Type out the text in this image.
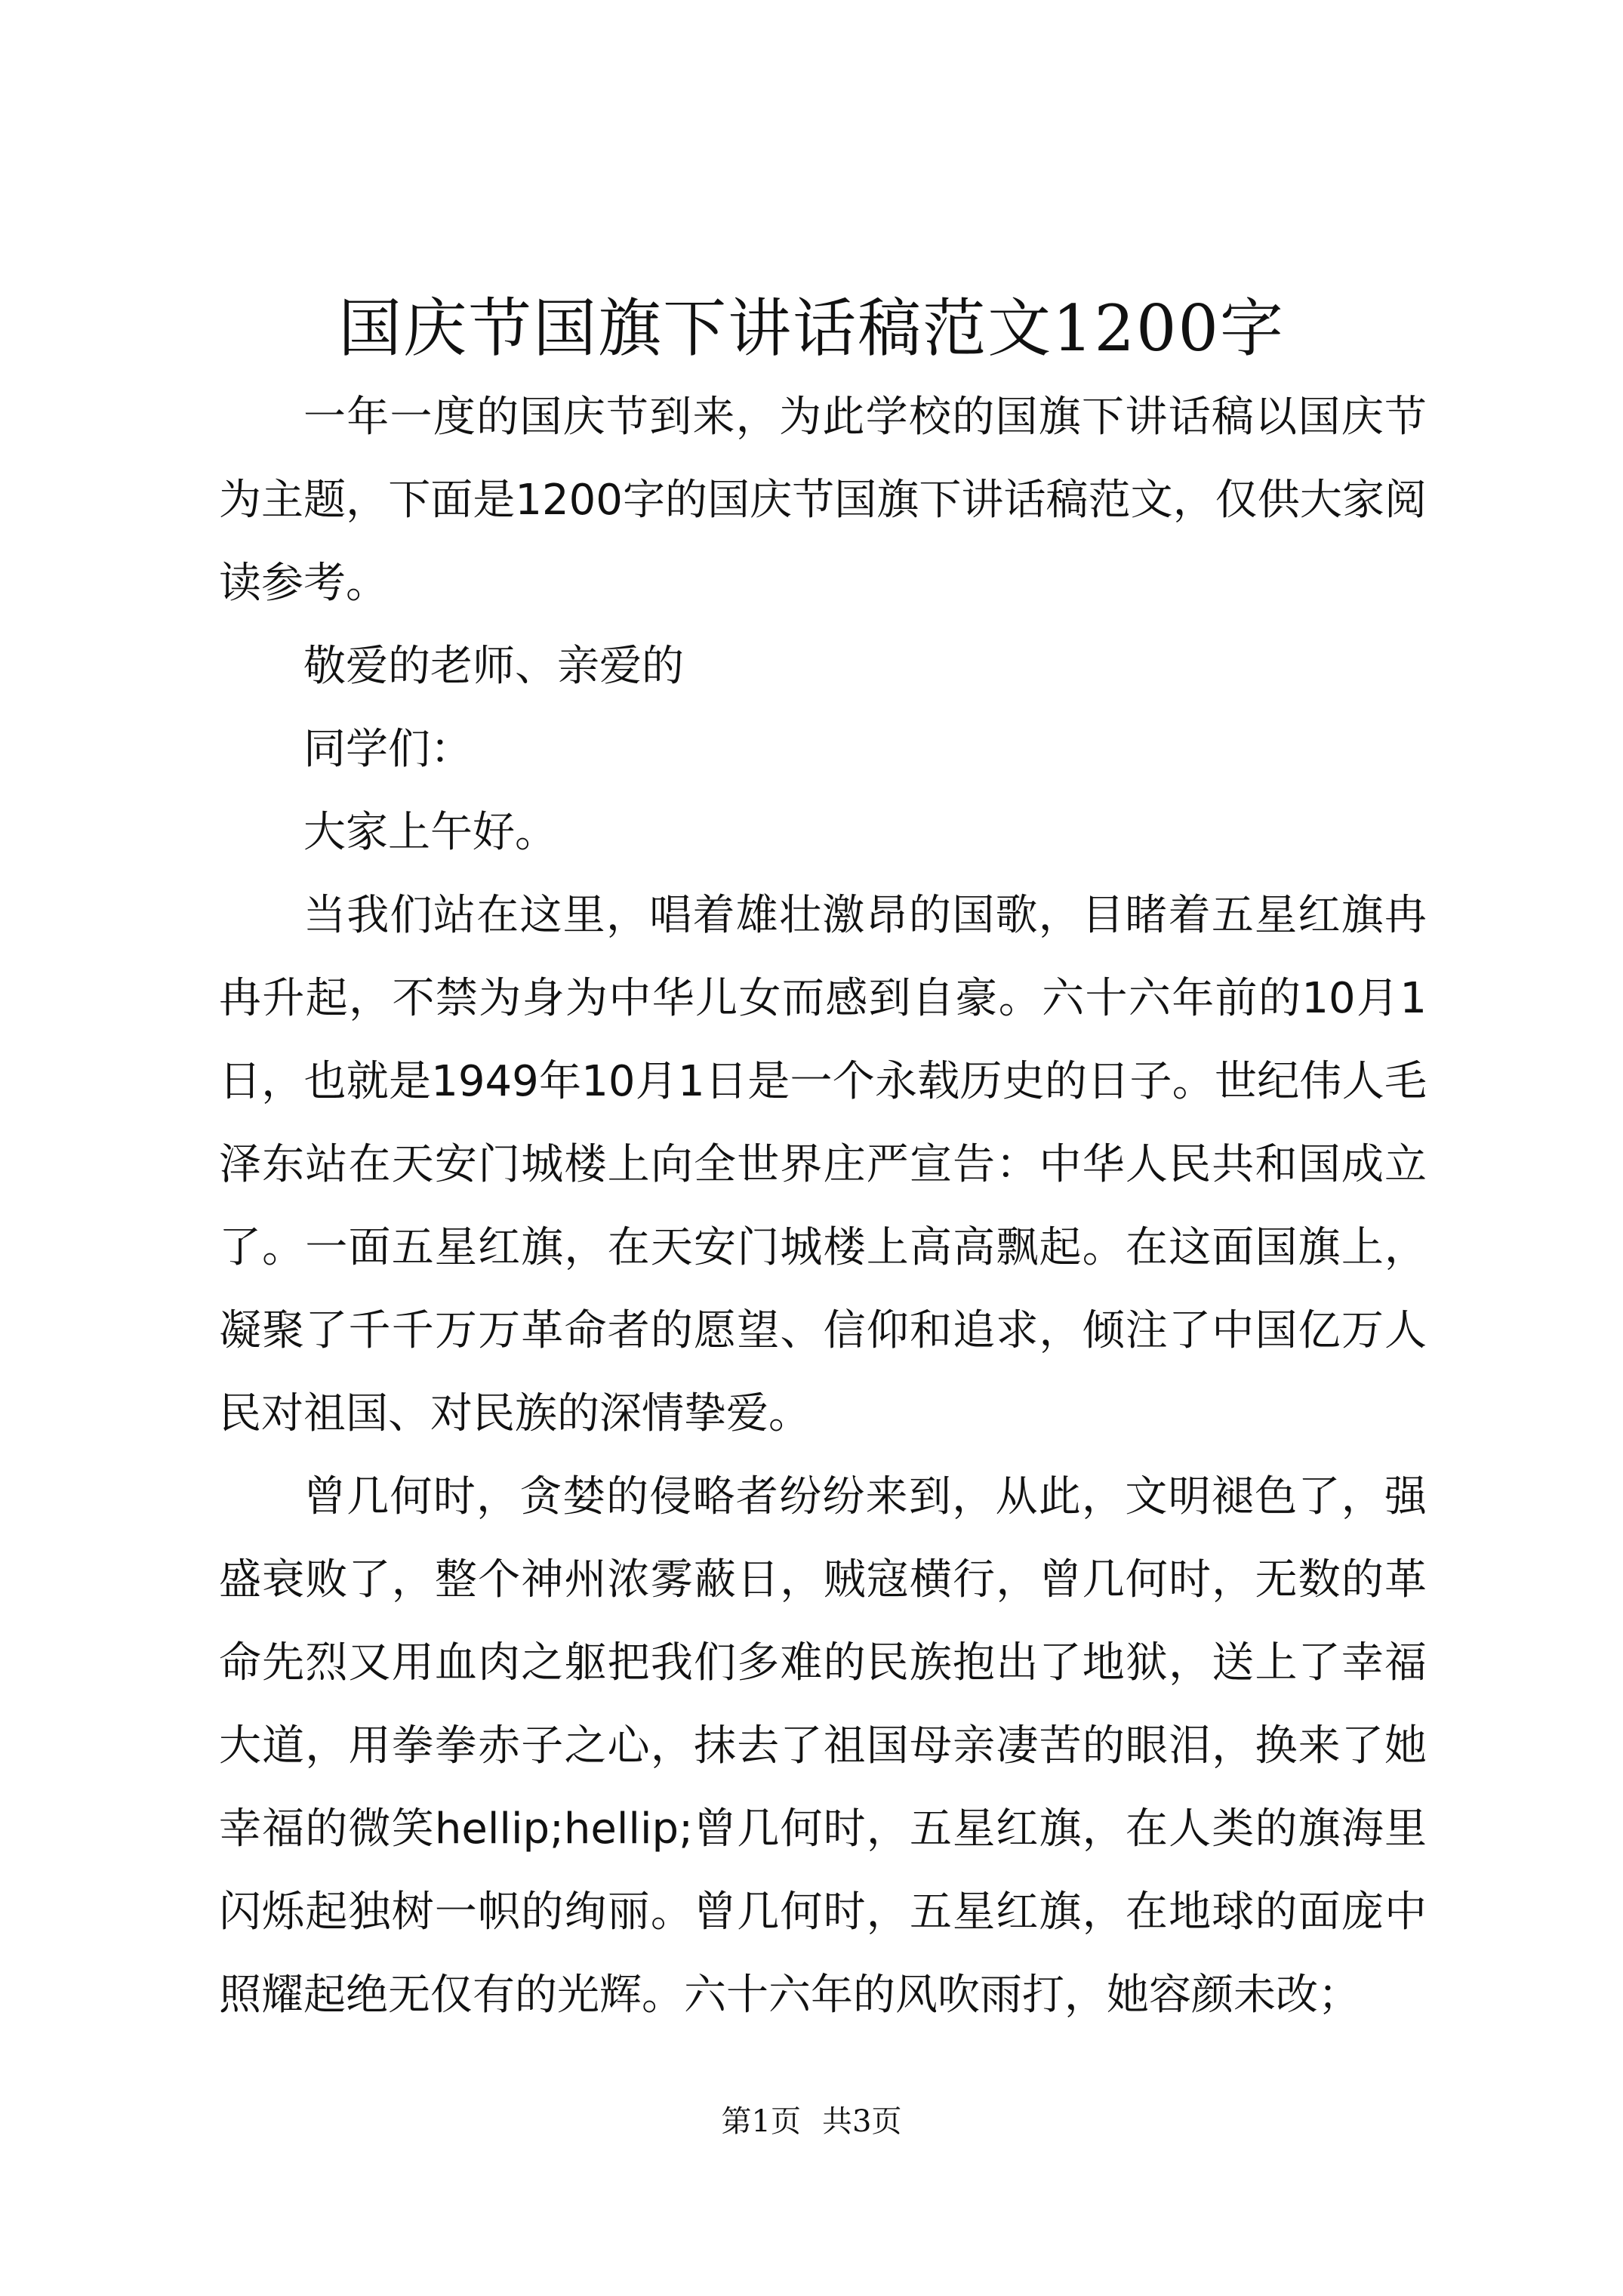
国庆节国旗下讲话稿范文1200字

一年一度的国庆节到来，为此学校的国旗下讲话稿以国庆节为主题，下面是1200字的国庆节国旗下讲话稿范文，仅供大家阅读参考。

敬爱的老师、亲爱的

同学们：

大家上午好。

当我们站在这里，唱着雄壮激昂的国歌，目睹着五星红旗冉冉升起，不禁为身为中华儿女而感到自豪。六十六年前的10月1日，也就是1949年10月1日是一个永载历史的日子。世纪伟人毛泽东站在天安门城楼上向全世界庄严宣告：中华人民共和国成立了。一面五星红旗，在天安门城楼上高高飘起。在这面国旗上，凝聚了千千万万革命者的愿望、信仰和追求，倾注了中国亿万人民对祖国、对民族的深情挚爱。

曾几何时，贪婪的侵略者纷纷来到，从此，文明褪色了，强盛衰败了，整个神州浓雾蔽日，贼寇横行，曾几何时，无数的革命先烈又用血肉之躯把我们多难的民族抱出了地狱，送上了幸福大道，用拳拳赤子之心，抹去了祖国母亲凄苦的眼泪，换来了她幸福的微笑hellip;hellip;曾几何时，五星红旗，在人类的旗海里闪烁起独树一帜的绚丽。曾几何时，五星红旗，在地球的面庞中照耀起绝无仅有的光辉。六十六年的风吹雨打，她容颜未改；

第1页 共3页
